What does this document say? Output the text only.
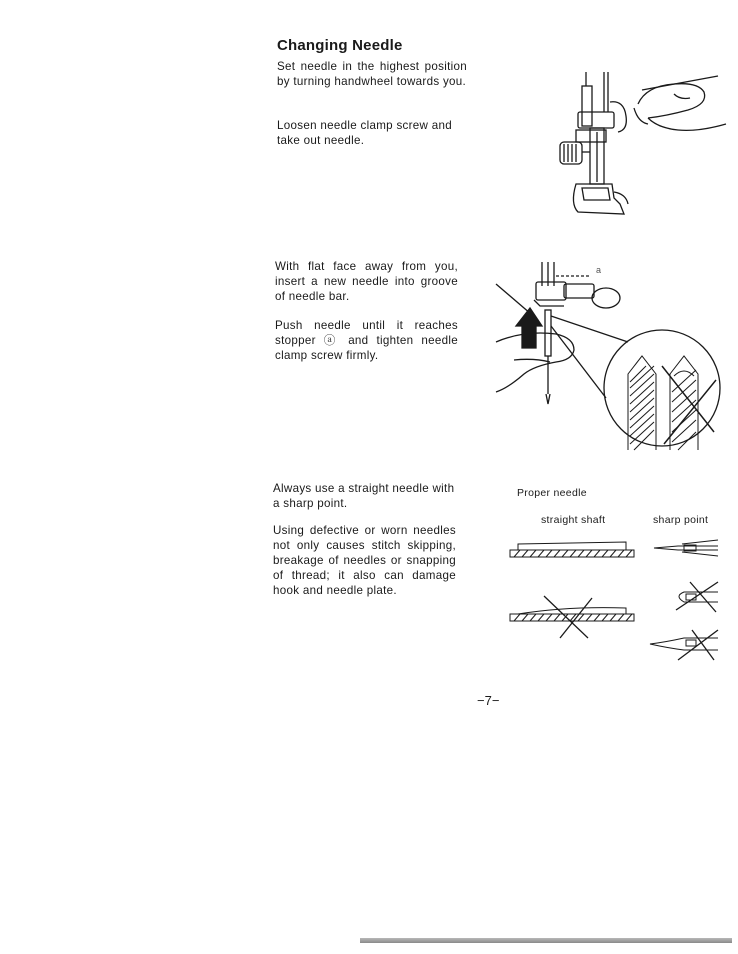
Changing Needle
Set needle in the highest position by turning handwheel towards you.
Loosen needle clamp screw and take out needle.
With flat face away from you, insert a new needle into groove of needle bar.
Push needle until it reaches stopper ⓐ and tighten needle clamp screw firmly.
a
Always use a straight needle with a sharp point.
Using defective or worn needles not only causes stitch skipping, breakage of needles or snapping of thread; it also can damage hook and needle plate.
Proper needle
straight shaft	sharp point
−7−
